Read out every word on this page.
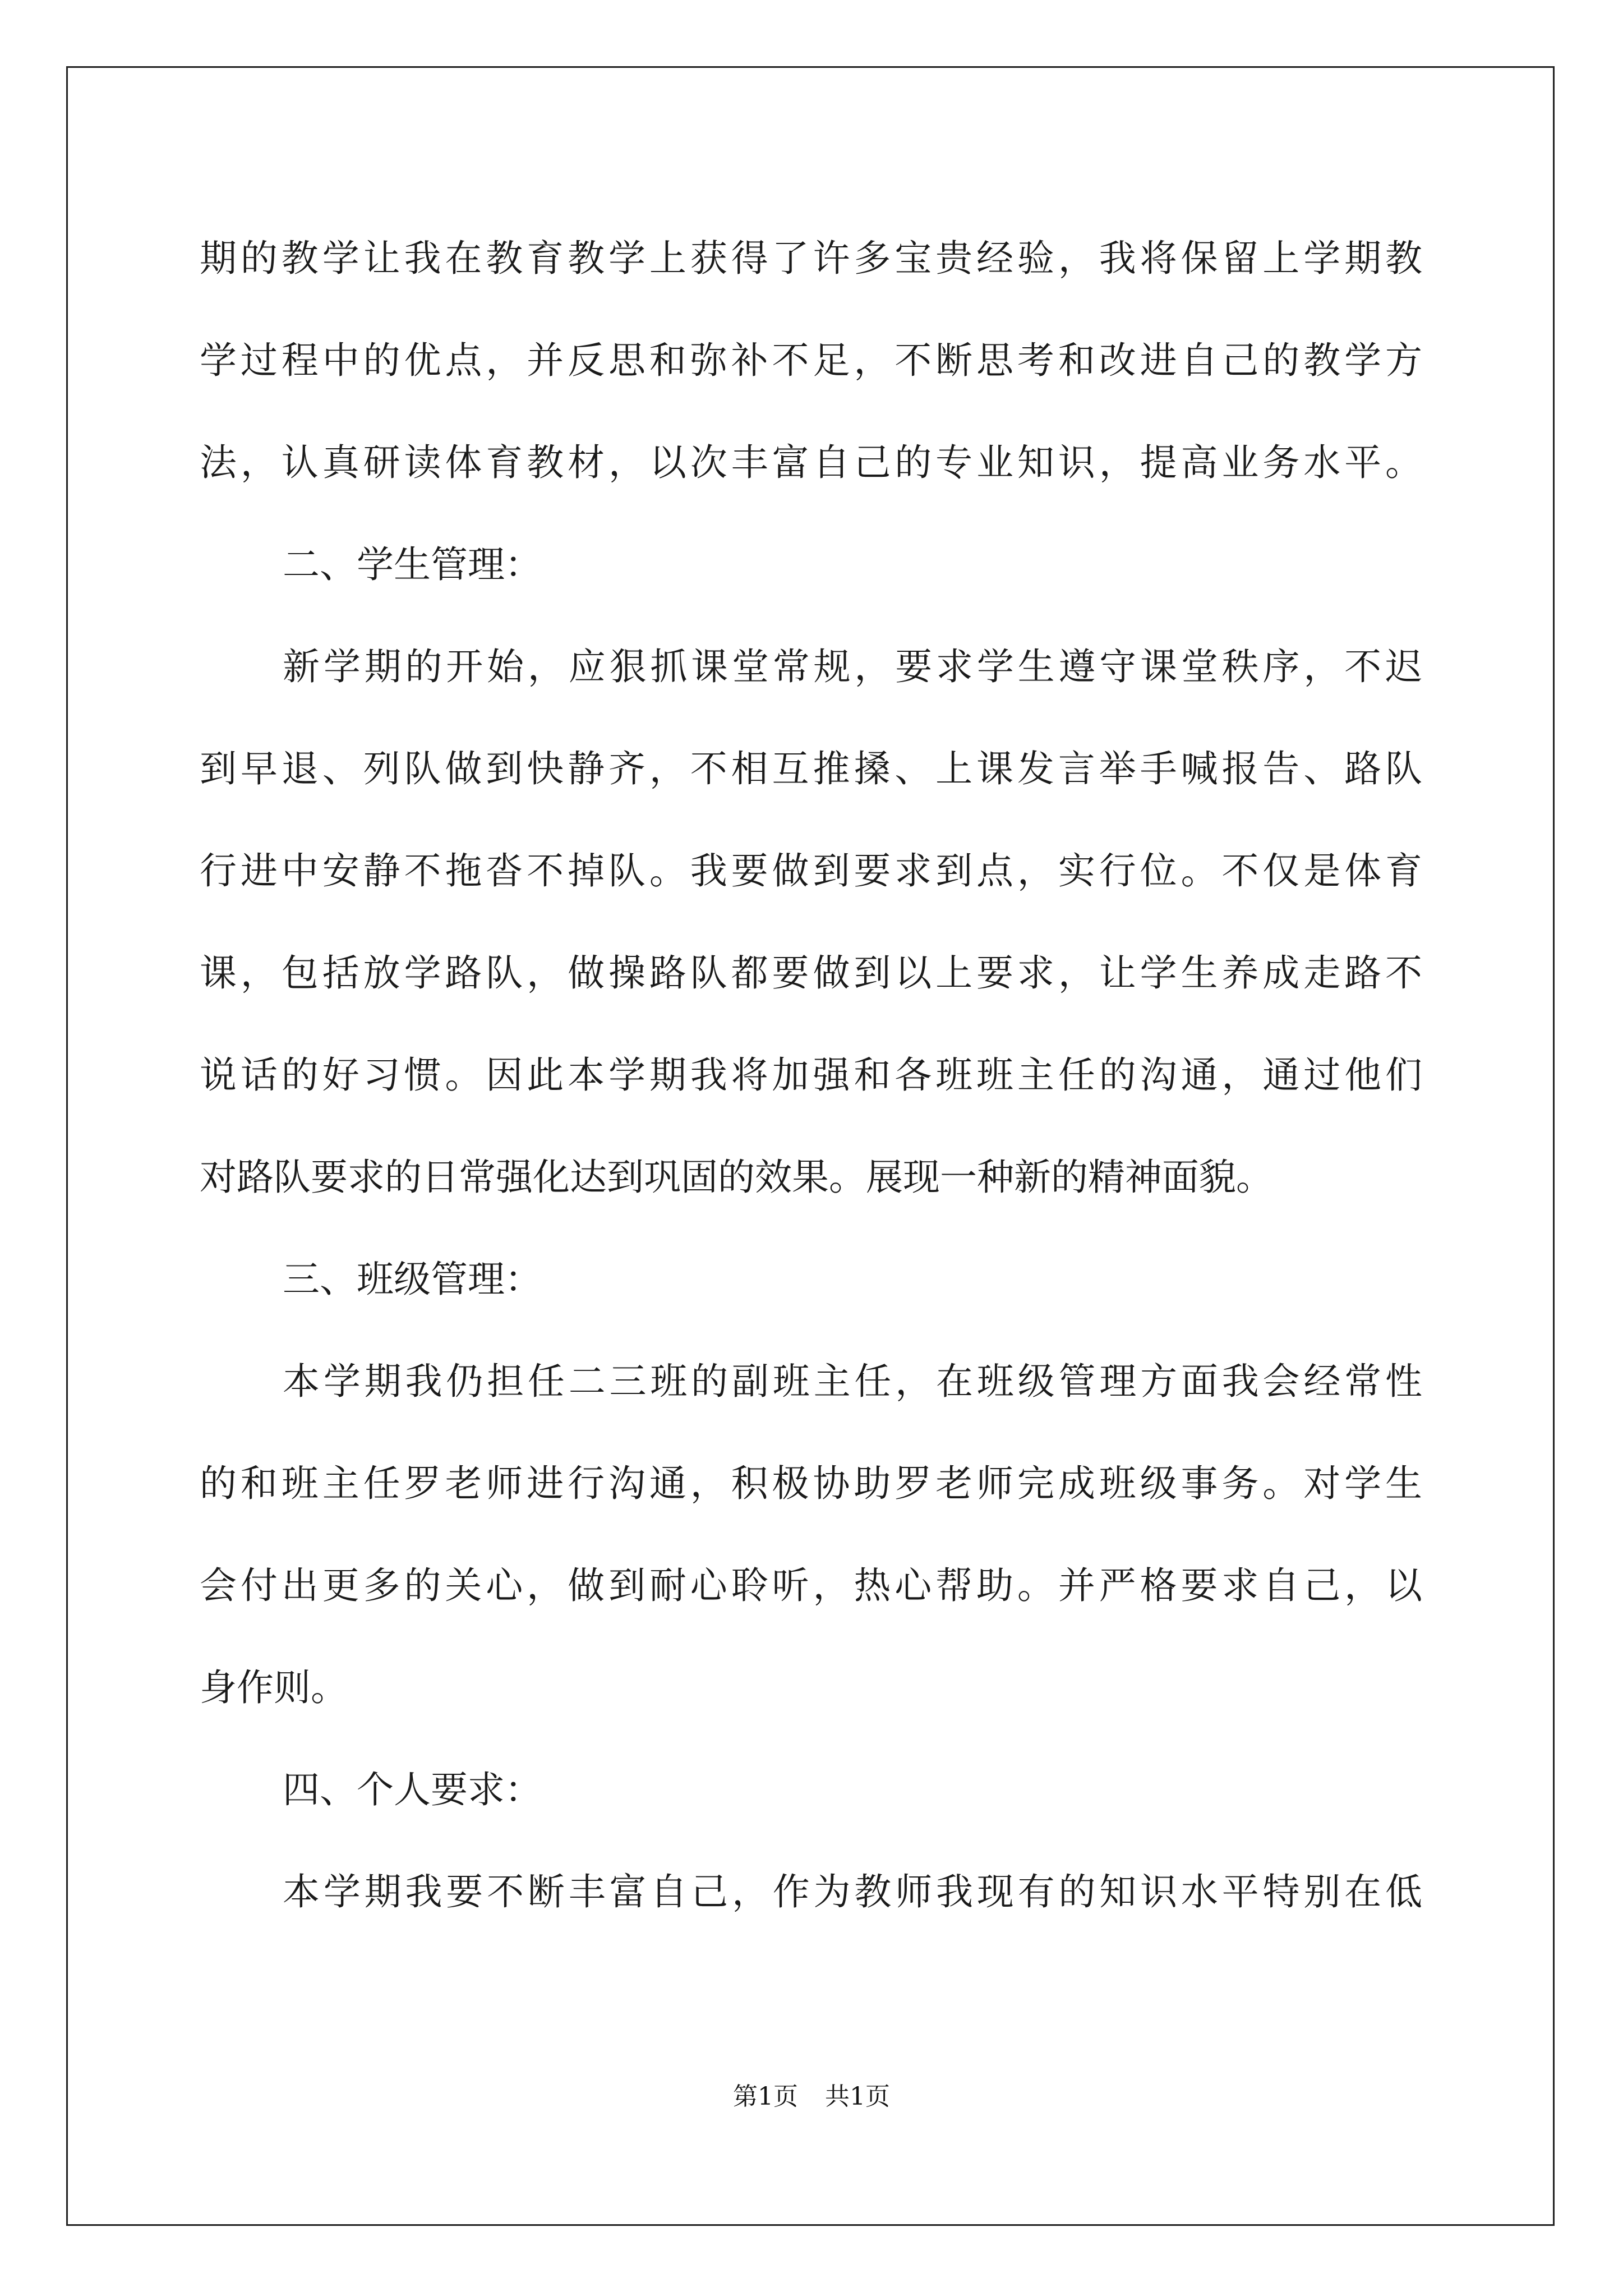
期的教学让我在教育教学上获得了许多宝贵经验，我将保留上学期教
学过程中的优点，并反思和弥补不足，不断思考和改进自己的教学方
法，认真研读体育教材，以次丰富自己的专业知识，提高业务水平。
二、学生管理：
新学期的开始，应狠抓课堂常规，要求学生遵守课堂秩序，不迟
到早退、列队做到快静齐，不相互推搡、上课发言举手喊报告、路队
行进中安静不拖沓不掉队。我要做到要求到点，实行位。不仅是体育
课，包括放学路队，做操路队都要做到以上要求，让学生养成走路不
说话的好习惯。因此本学期我将加强和各班班主任的沟通，通过他们
对路队要求的日常强化达到巩固的效果。展现一种新的精神面貌。
三、班级管理：
本学期我仍担任二三班的副班主任，在班级管理方面我会经常性
的和班主任罗老师进行沟通，积极协助罗老师完成班级事务。对学生
会付出更多的关心，做到耐心聆听，热心帮助。并严格要求自己，以
身作则。
四、个人要求：
本学期我要不断丰富自己，作为教师我现有的知识水平特别在低
第1页 共1页
